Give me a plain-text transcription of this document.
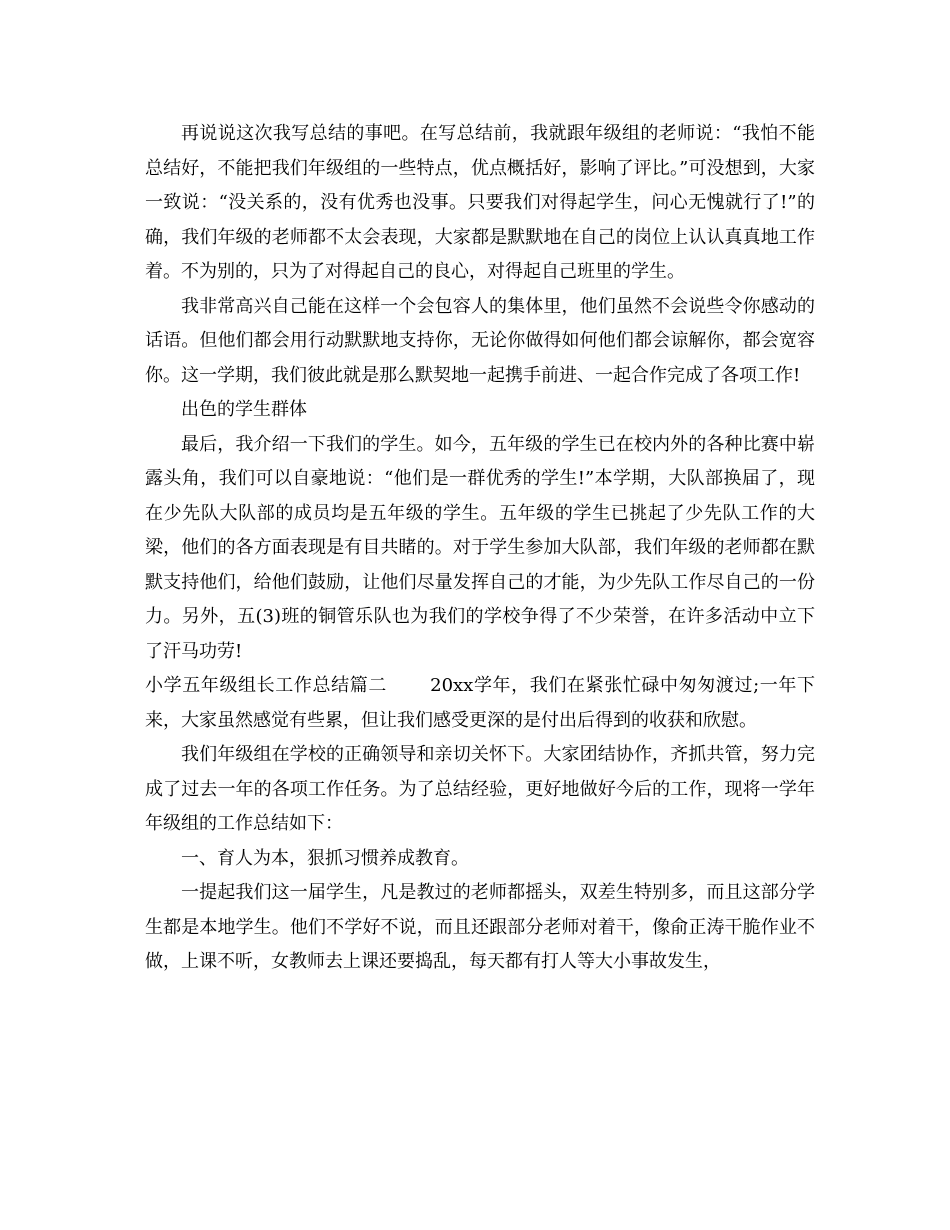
再说说这次我写总结的事吧。在写总结前，我就跟年级组的老师说：“我怕不能总结好，不能把我们年级组的一些特点，优点概括好，影响了评比。”可没想到，大家一致说：“没关系的，没有优秀也没事。只要我们对得起学生，问心无愧就行了!”的确，我们年级的老师都不太会表现，大家都是默默地在自己的岗位上认认真真地工作着。不为别的，只为了对得起自己的良心，对得起自己班里的学生。

我非常高兴自己能在这样一个会包容人的集体里，他们虽然不会说些令你感动的话语。但他们都会用行动默默地支持你，无论你做得如何他们都会谅解你，都会宽容你。这一学期，我们彼此就是那么默契地一起携手前进、一起合作完成了各项工作!

出色的学生群体

最后，我介绍一下我们的学生。如今，五年级的学生已在校内外的各种比赛中崭露头角，我们可以自豪地说：“他们是一群优秀的学生!”本学期，大队部换届了，现在少先队大队部的成员均是五年级的学生。五年级的学生已挑起了少先队工作的大梁，他们的各方面表现是有目共睹的。对于学生参加大队部，我们年级的老师都在默默支持他们，给他们鼓励，让他们尽量发挥自己的才能，为少先队工作尽自己的一份力。另外，五(3)班的铜管乐队也为我们的学校争得了不少荣誉，在许多活动中立下了汗马功劳!

小学五年级组长工作总结篇二 20xx学年，我们在紧张忙碌中匆匆渡过;一年下来，大家虽然感觉有些累，但让我们感受更深的是付出后得到的收获和欣慰。

我们年级组在学校的正确领导和亲切关怀下。大家团结协作，齐抓共管，努力完成了过去一年的各项工作任务。为了总结经验，更好地做好今后的工作，现将一学年年级组的工作总结如下：

一、育人为本，狠抓习惯养成教育。

一提起我们这一届学生，凡是教过的老师都摇头，双差生特别多，而且这部分学生都是本地学生。他们不学好不说，而且还跟部分老师对着干，像俞正涛干脆作业不做，上课不听，女教师去上课还要捣乱，每天都有打人等大小事故发生，
